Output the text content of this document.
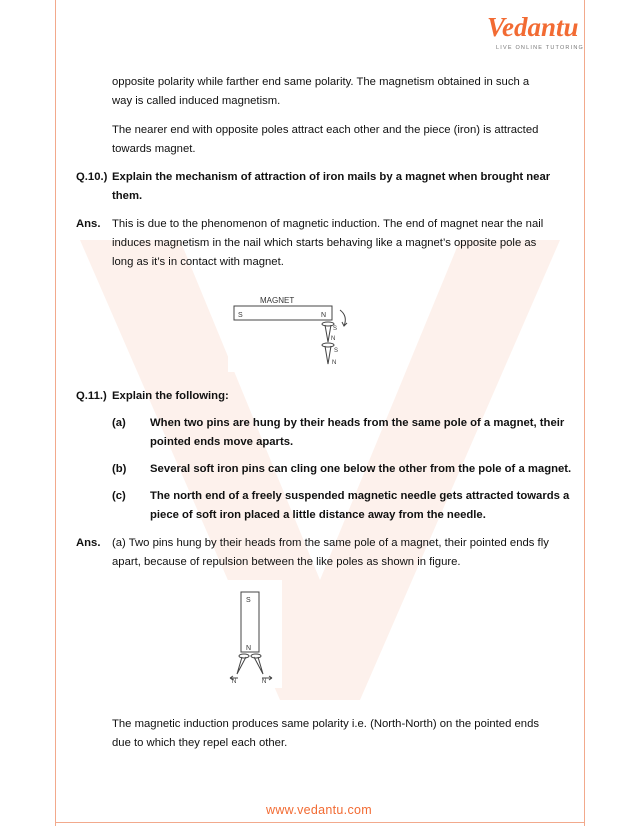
Vedantu
LIVE ONLINE TUTORING

opposite polarity while farther end same polarity. The magnetism obtained in such a way is called induced magnetism.

The nearer end with opposite poles attract each other and the piece (iron) is attracted towards magnet.

Q.10.) Explain the mechanism of attraction of iron mails by a magnet when brought near them.

Ans. This is due to the phenomenon of magnetic induction. The end of magnet near the nail induces magnetism in the nail which starts behaving like a magnet’s opposite pole as long as it’s in contact with magnet.

MAGNET
S	N
S
N
S
N
Q.11.) Explain the following:

(a) When two pins are hung by their heads from the same pole of a magnet, their pointed ends move aparts.

(b) Several soft iron pins can cling one below the other from the pole of a magnet.

(c) The north end of a freely suspended magnetic needle gets attracted towards a piece of soft iron placed a little distance away from the needle.

Ans. (a) Two pins hung by their heads from the same pole of a magnet, their pointed ends fly apart, because of repulsion between the like poles as shown in figure.

S
N
N	N

The magnetic induction produces same polarity i.e. (North-North) on the pointed ends due to which they repel each other.

www.vedantu.com
